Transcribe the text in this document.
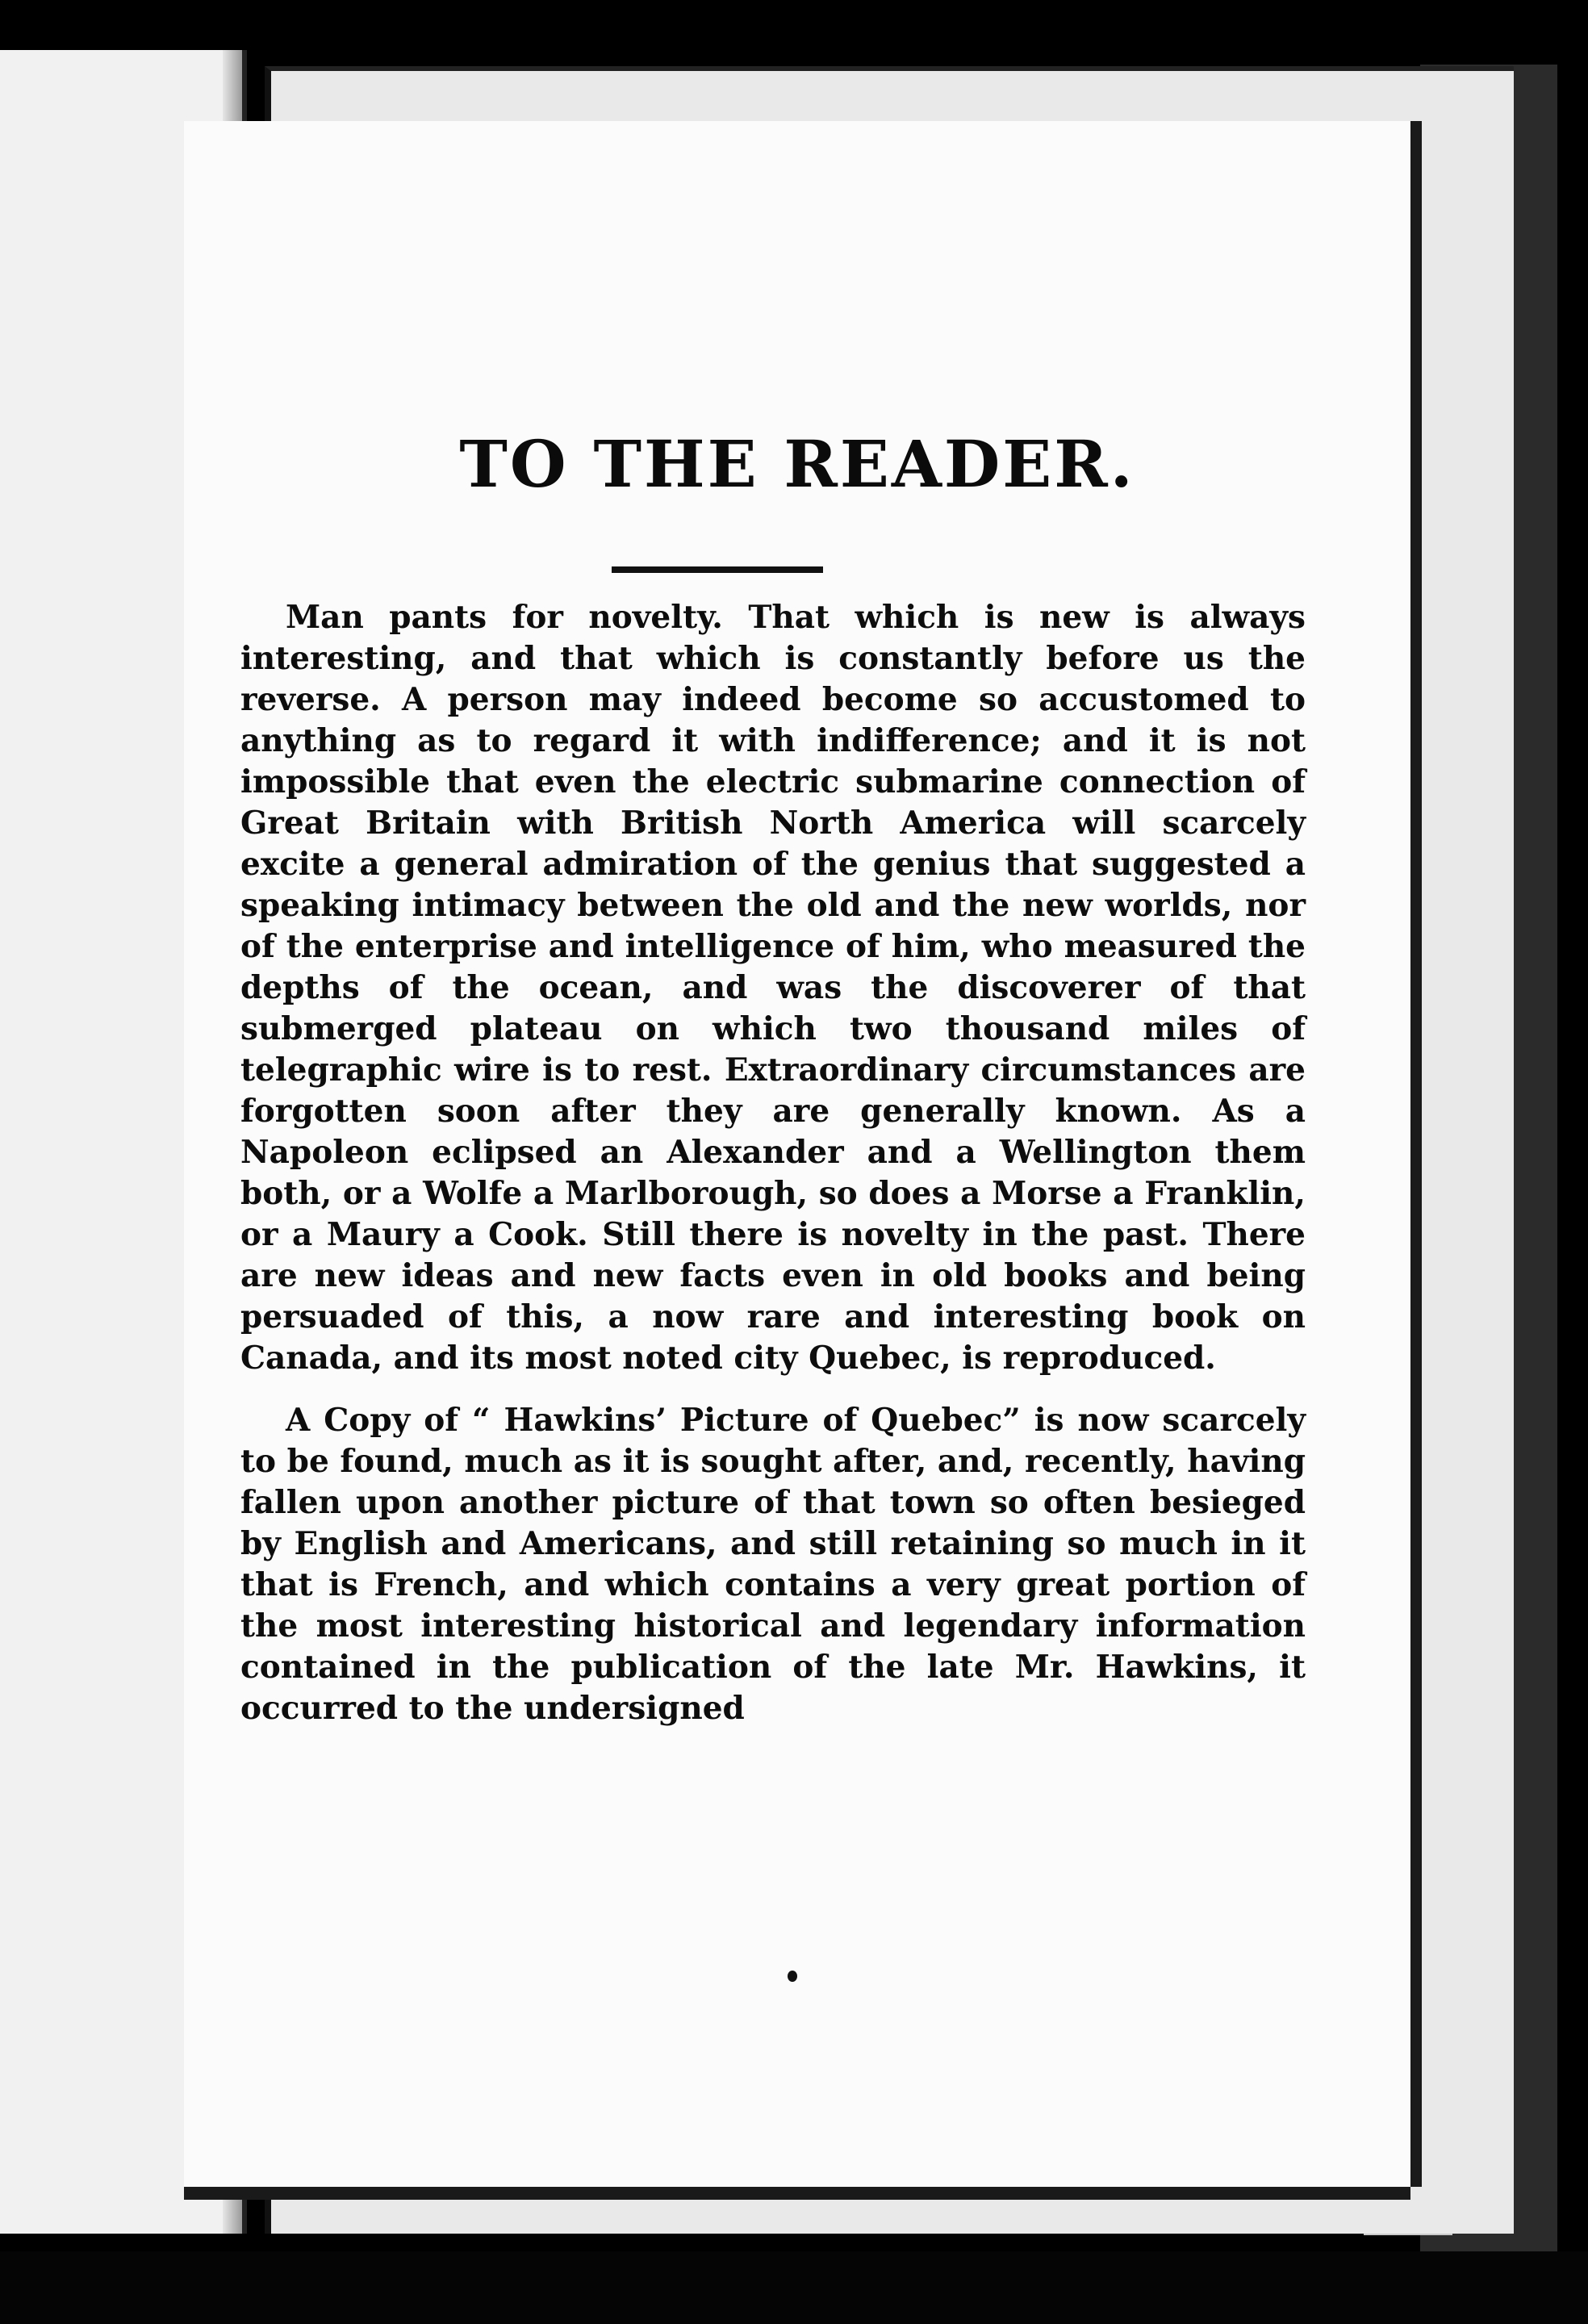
TO THE READER.

Man pants for novelty. That which is new is always interesting, and that which is constantly before us the reverse. A person may indeed become so accustomed to anything as to regard it with indifference; and it is not impossible that even the electric submarine connection of Great Britain with British North America will scarcely excite a general admiration of the genius that suggested a speaking intimacy between the old and the new worlds, nor of the enterprise and intelligence of him, who measured the depths of the ocean, and was the discoverer of that submerged plateau on which two thousand miles of telegraphic wire is to rest. Extraordinary circumstances are forgotten soon after they are generally known. As a Napoleon eclipsed an Alexander and a Wellington them both, or a Wolfe a Marlborough, so does a Morse a Franklin, or a Maury a Cook. Still there is novelty in the past. There are new ideas and new facts even in old books and being persuaded of this, a now rare and interesting book on Canada, and its most noted city Quebec, is reproduced.

A Copy of “ Hawkins’ Picture of Quebec” is now scarcely to be found, much as it is sought after, and, recently, having fallen upon another picture of that town so often besieged by English and Americans, and still retaining so much in it that is French, and which contains a very great portion of the most interesting historical and legendary information contained in the publication of the late Mr. Hawkins, it occurred to the undersigned
